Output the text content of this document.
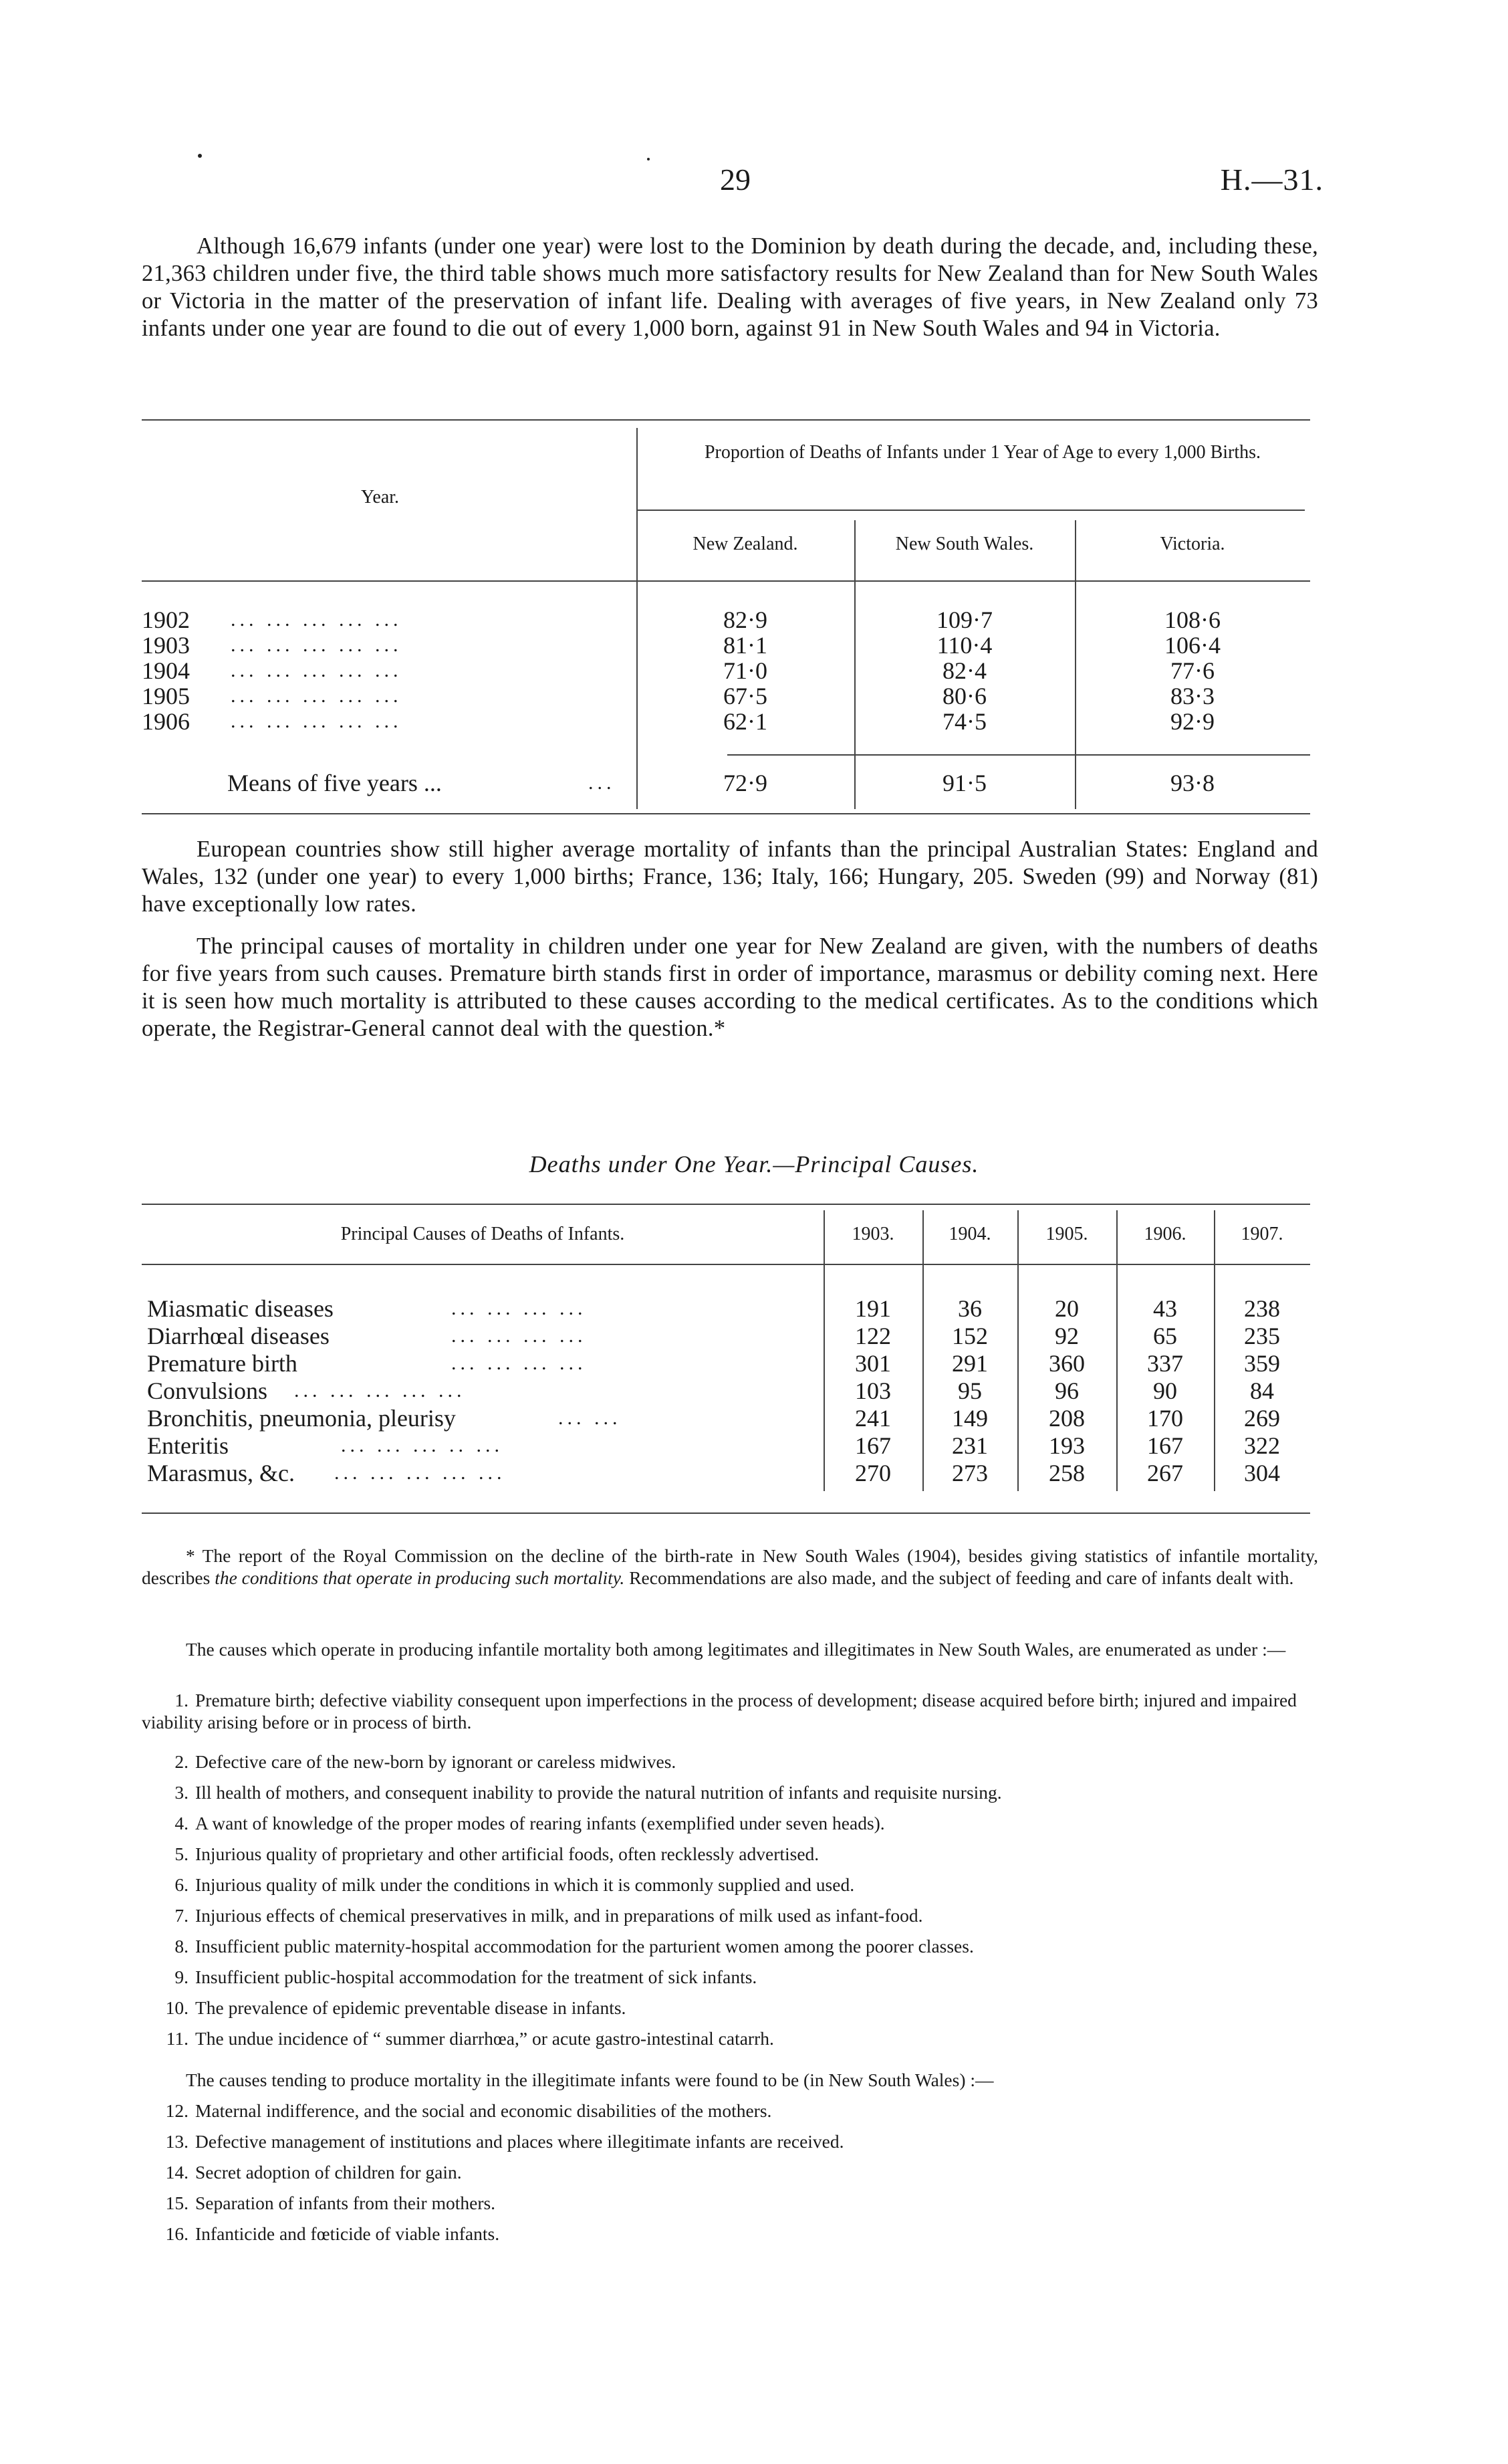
29	H.—31.

Although 16,679 infants (under one year) were lost to the Dominion by death during the decade, and, including these, 21,363 children under five, the third table shows much more satisfactory results for New Zealand than for New South Wales or Victoria in the matter of the preservation of infant life. Dealing with averages of five years, in New Zealand only 73 infants under one year are found to die out of every 1,000 born, against 91 in New South Wales and 94 in Victoria.

Year.
Proportion of Deaths of Infants under 1 Year of Age to every 1,000 Births.
New Zealand.	New South Wales.	Victoria.
1902 ... ... ... ... ...	82·9	109·7	108·6
1903 ... ... ... ... ...	81·1	110·4	106·4
1904 ... ... ... ... ...	71·0	82·4	77·6
1905 ... ... ... ... ...	67·5	80·6	83·3
1906 ... ... ... ... ...	62·1	74·5	92·9
Means of five years ...	...	72·9	91·5	93·8

European countries show still higher average mortality of infants than the principal Australian States: England and Wales, 132 (under one year) to every 1,000 births; France, 136; Italy, 166; Hungary, 205. Sweden (99) and Norway (81) have exceptionally low rates.

The principal causes of mortality in children under one year for New Zealand are given, with the numbers of deaths for five years from such causes. Premature birth stands first in order of importance, marasmus or debility coming next. Here it is seen how much mortality is attributed to these causes according to the medical certificates. As to the conditions which operate, the Registrar-General cannot deal with the question.*

Deaths under One Year.—Principal Causes.
Principal Causes of Deaths of Infants.	1903.	1904.	1905.	1906.	1907.
Miasmatic diseases	... ... ... ...	191	36	20	43	238
Diarrhœal diseases	... ... ... ...	122	152	92	65	235
Premature birth	... ... ... ...	301	291	360	337	359
Convulsions ... ... ... ... ...	103	95	96	90	84
Bronchitis, pneumonia, pleurisy	... ...	241	149	208	170	269
Enteritis	... ... ... .. ...	167	231	193	167	322
Marasmus, &c. ... ... ... ... ...	270	273	258	267	304

* The report of the Royal Commission on the decline of the birth-rate in New South Wales (1904), besides giving statistics of infantile mortality, describes the conditions that operate in producing such mortality. Recommendations are also made, and the subject of feeding and care of infants dealt with.

The causes which operate in producing infantile mortality both among legitimates and illegitimates in New South Wales, are enumerated as under :—

1. Premature birth; defective viability consequent upon imperfections in the process of development; disease acquired before birth; injured and impaired viability arising before or in process of birth.

2. Defective care of the new-born by ignorant or careless midwives.

3. Ill health of mothers, and consequent inability to provide the natural nutrition of infants and requisite nursing.

4. A want of knowledge of the proper modes of rearing infants (exemplified under seven heads).

5. Injurious quality of proprietary and other artificial foods, often recklessly advertised.

6. Injurious quality of milk under the conditions in which it is commonly supplied and used.

7. Injurious effects of chemical preservatives in milk, and in preparations of milk used as infant-food.

8. Insufficient public maternity-hospital accommodation for the parturient women among the poorer classes.

9. Insufficient public-hospital accommodation for the treatment of sick infants.

10. The prevalence of epidemic preventable disease in infants.

11. The undue incidence of “ summer diarrhœa,” or acute gastro-intestinal catarrh.

The causes tending to produce mortality in the illegitimate infants were found to be (in New South Wales) :—

12. Maternal indifference, and the social and economic disabilities of the mothers.

13. Defective management of institutions and places where illegitimate infants are received.

14. Secret adoption of children for gain.

15. Separation of infants from their mothers.

16. Infanticide and fœticide of viable infants.
